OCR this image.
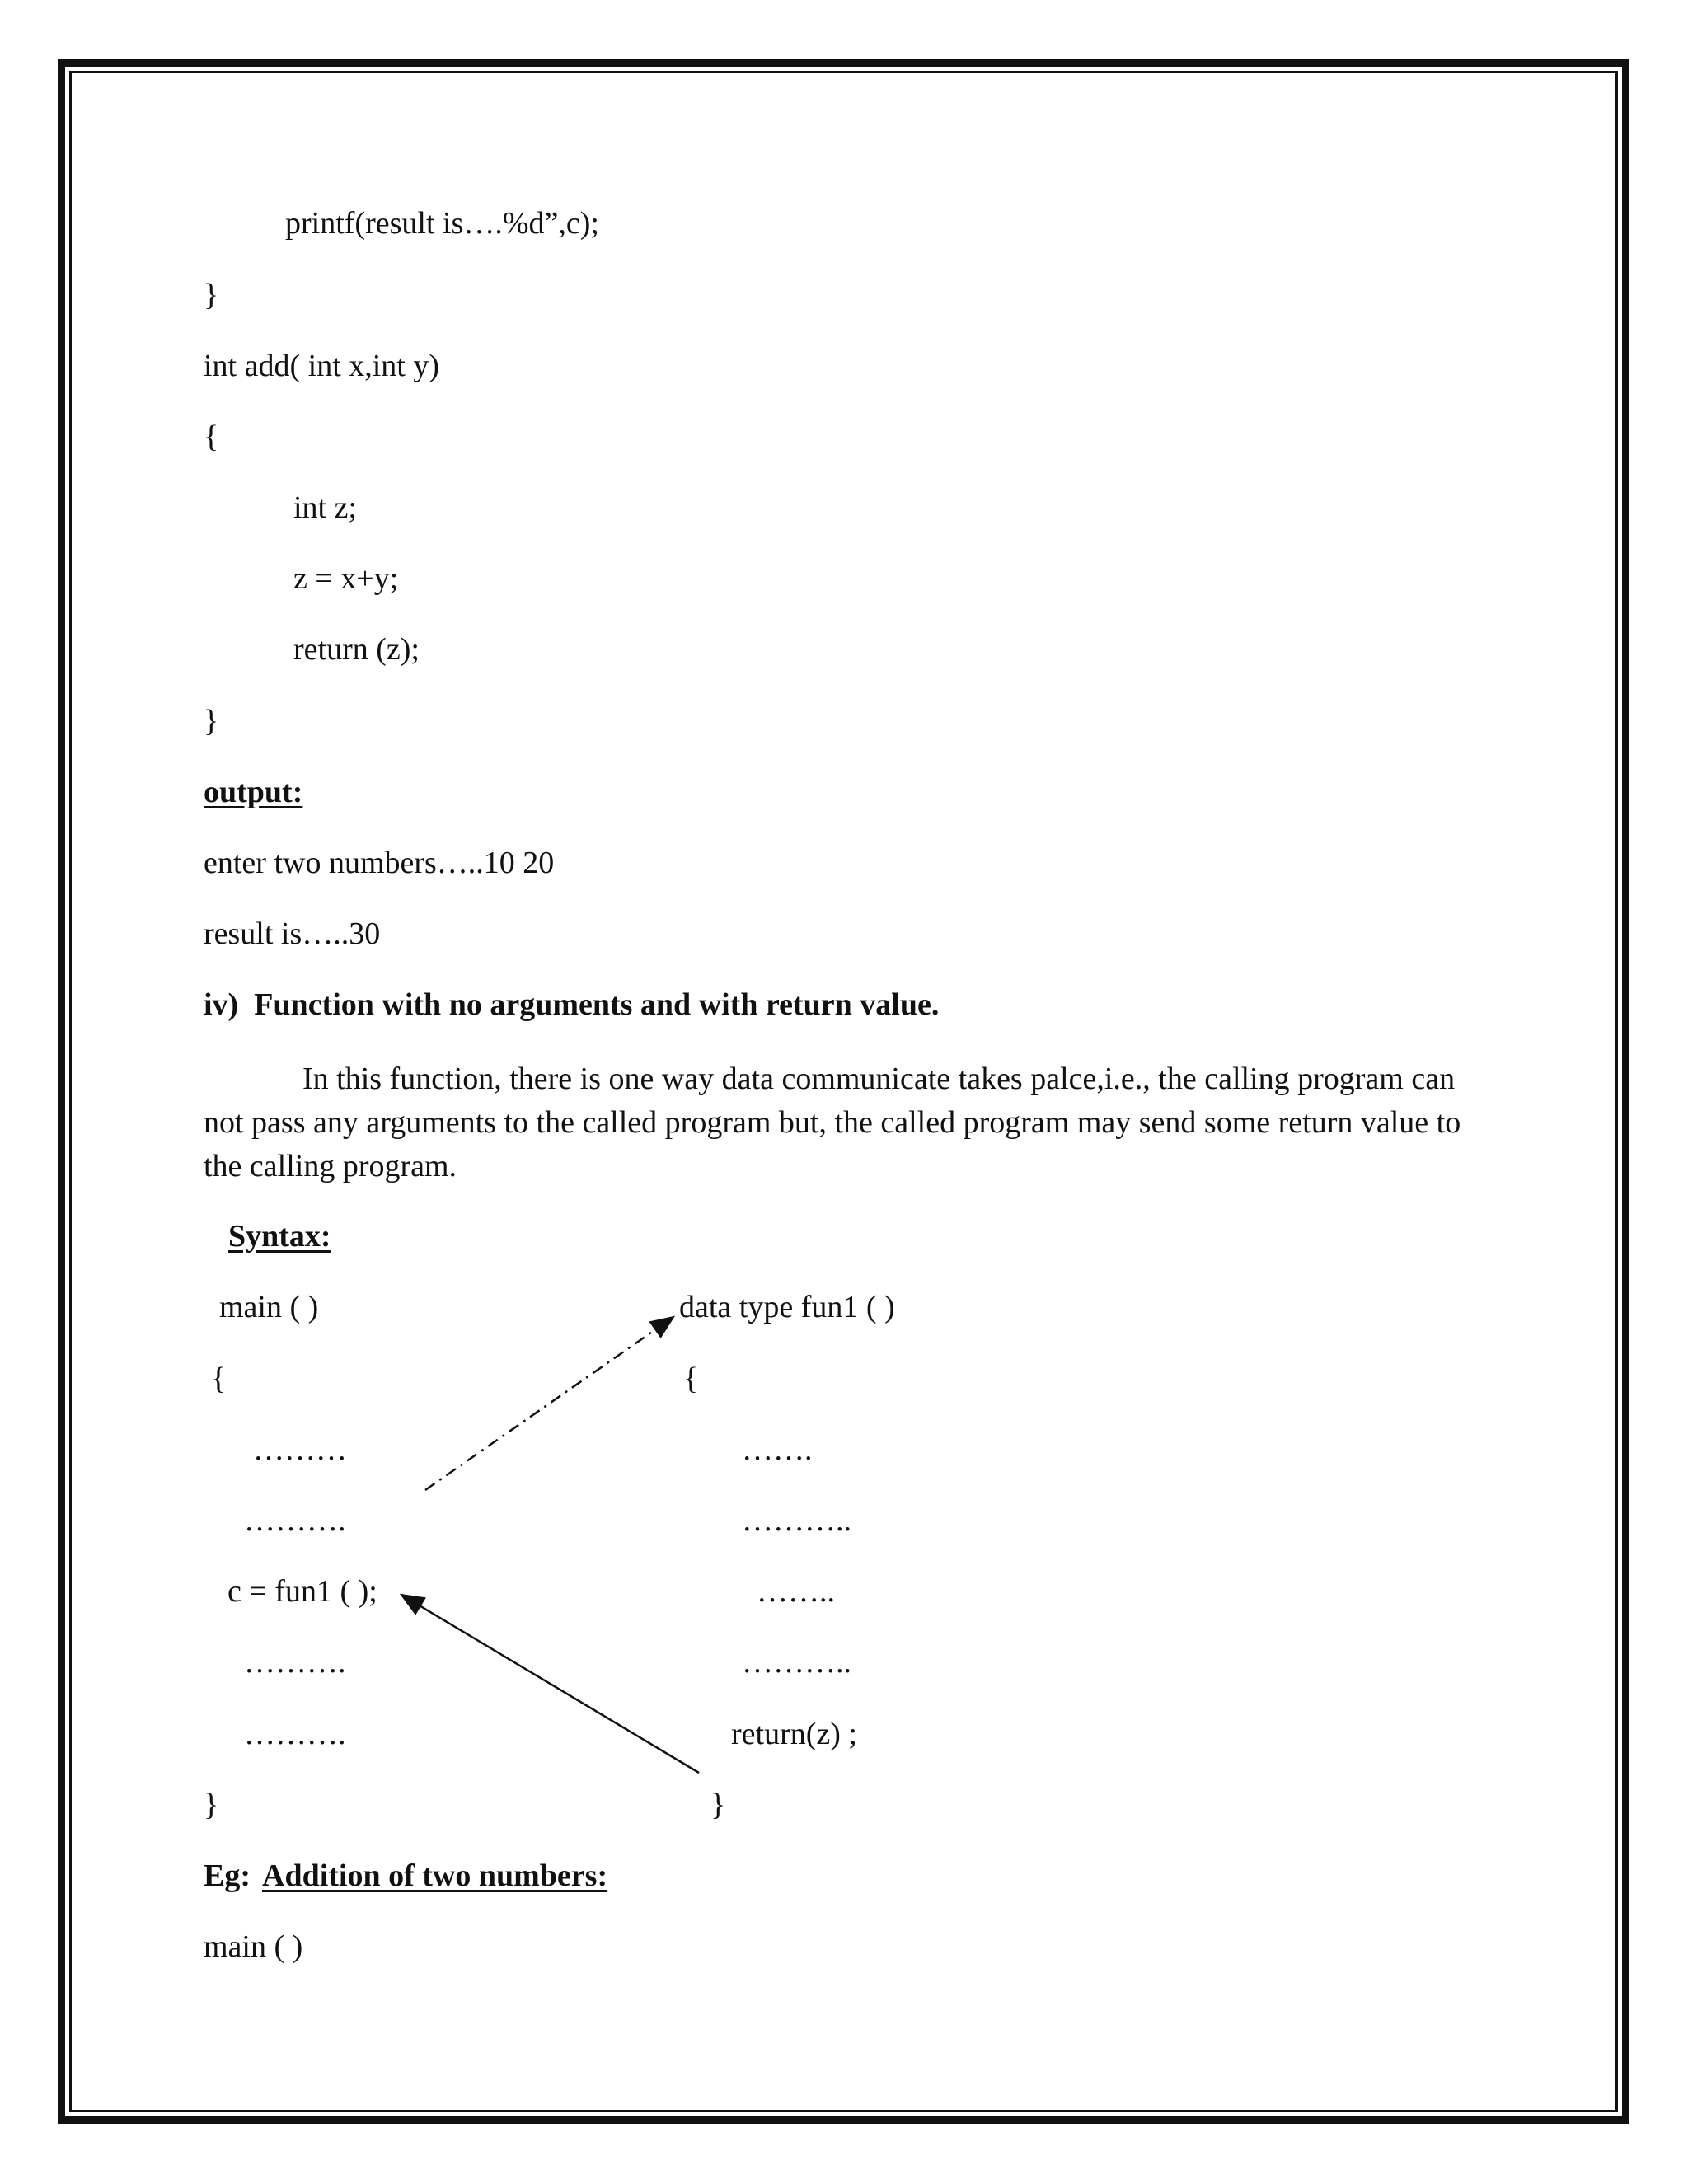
printf(result is….%d”,c);
}
int add( int x,int y)
{
int z;
z = x+y;
return (z);
}
output:
enter two numbers…..10 20
result is…..30
iv)  Function with no arguments and with return value.
In this function, there is one way data communicate takes palce,i.e., the calling program can not pass any arguments to the called program but, the called program may send some return value to the calling program.
Syntax:
main ( )
{
………
……….
c = fun1 ( );
……….
……….
}
data type fun1 ( )
{
…….
………..
……..
………..
return(z) ;
}
Eg: Addition of two numbers:
main ( )
